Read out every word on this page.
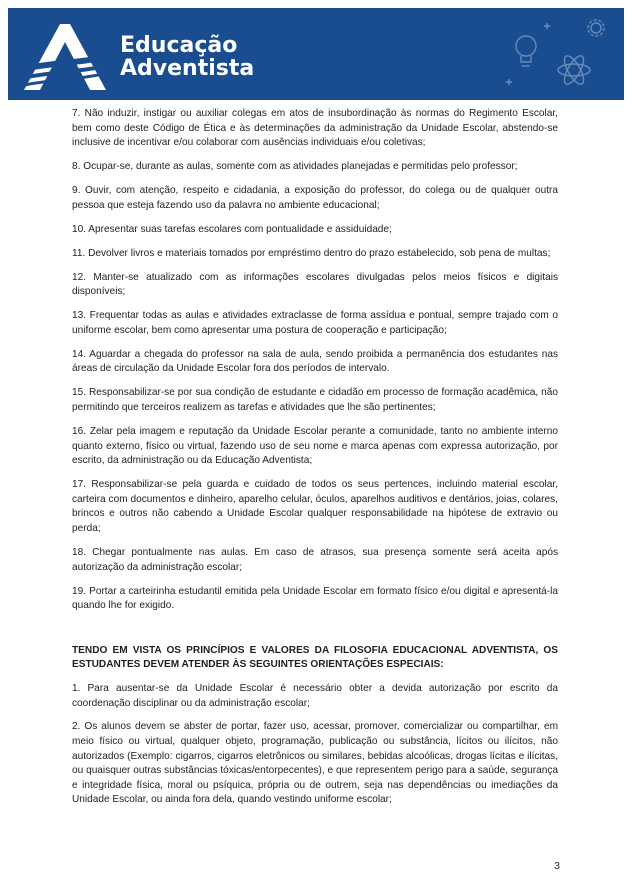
Educação
Adventista

7. Não induzir, instigar ou auxiliar colegas em atos de insubordinação às normas do Regimento Escolar, bem como deste Código de Ética e às determinações da administração da Unidade Escolar, abstendo-se inclusive de incentivar e/ou colaborar com ausências individuais e/ou coletivas;

8. Ocupar-se, durante as aulas, somente com as atividades planejadas e permitidas pelo professor;

9. Ouvir, com atenção, respeito e cidadania, a exposição do professor, do colega ou de qualquer outra pessoa que esteja fazendo uso da palavra no ambiente educacional;

10. Apresentar suas tarefas escolares com pontualidade e assiduidade;

11. Devolver livros e materiais tomados por empréstimo dentro do prazo estabelecido, sob pena de multas;

12. Manter-se atualizado com as informações escolares divulgadas pelos meios físicos e digitais disponíveis;

13. Frequentar todas as aulas e atividades extraclasse de forma assídua e pontual, sempre trajado com o uniforme escolar, bem como apresentar uma postura de cooperação e participação;

14. Aguardar a chegada do professor na sala de aula, sendo proibida a permanência dos estudantes nas áreas de circulação da Unidade Escolar fora dos períodos de intervalo.

15. Responsabilizar-se por sua condição de estudante e cidadão em processo de formação acadêmica, não permitindo que terceiros realizem as tarefas e atividades que lhe são pertinentes;

16. Zelar pela imagem e reputação da Unidade Escolar perante a comunidade, tanto no ambiente interno quanto externo, físico ou virtual, fazendo uso de seu nome e marca apenas com expressa autorização, por escrito, da administração ou da Educação Adventista;

17. Responsabilizar-se pela guarda e cuidado de todos os seus pertences, incluindo material escolar, carteira com documentos e dinheiro, aparelho celular, óculos, aparelhos auditivos e dentários, joias, colares, brincos e outros não cabendo a Unidade Escolar qualquer responsabilidade na hipótese de extravio ou perda;

18. Chegar pontualmente nas aulas. Em caso de atrasos, sua presença somente será aceita após autorização da administração escolar;

19. Portar a carteirinha estudantil emitida pela Unidade Escolar em formato físico e/ou digital e apresentá-la quando lhe for exigido.

TENDO EM VISTA OS PRINCÍPIOS E VALORES DA FILOSOFIA EDUCACIONAL ADVENTISTA, OS ESTUDANTES DEVEM ATENDER ÀS SEGUINTES ORIENTAÇÕES ESPECIAIS:

1. Para ausentar-se da Unidade Escolar é necessário obter a devida autorização por escrito da coordenação disciplinar ou da administração escolar;

2. Os alunos devem se abster de portar, fazer uso, acessar, promover, comercializar ou compartilhar, em meio físico ou virtual, qualquer objeto, programação, publicação ou substância, lícitos ou ilícitos, não autorizados (Exemplo: cigarros, cigarros eletrônicos ou similares, bebidas alcoólicas, drogas lícitas e ilícitas, ou quaisquer outras substâncias tóxicas/entorpecentes), e que representem perigo para a saúde, segurança e integridade física, moral ou psíquica, própria ou de outrem, seja nas dependências ou imediações da Unidade Escolar, ou ainda fora dela, quando vestindo uniforme escolar;

3
